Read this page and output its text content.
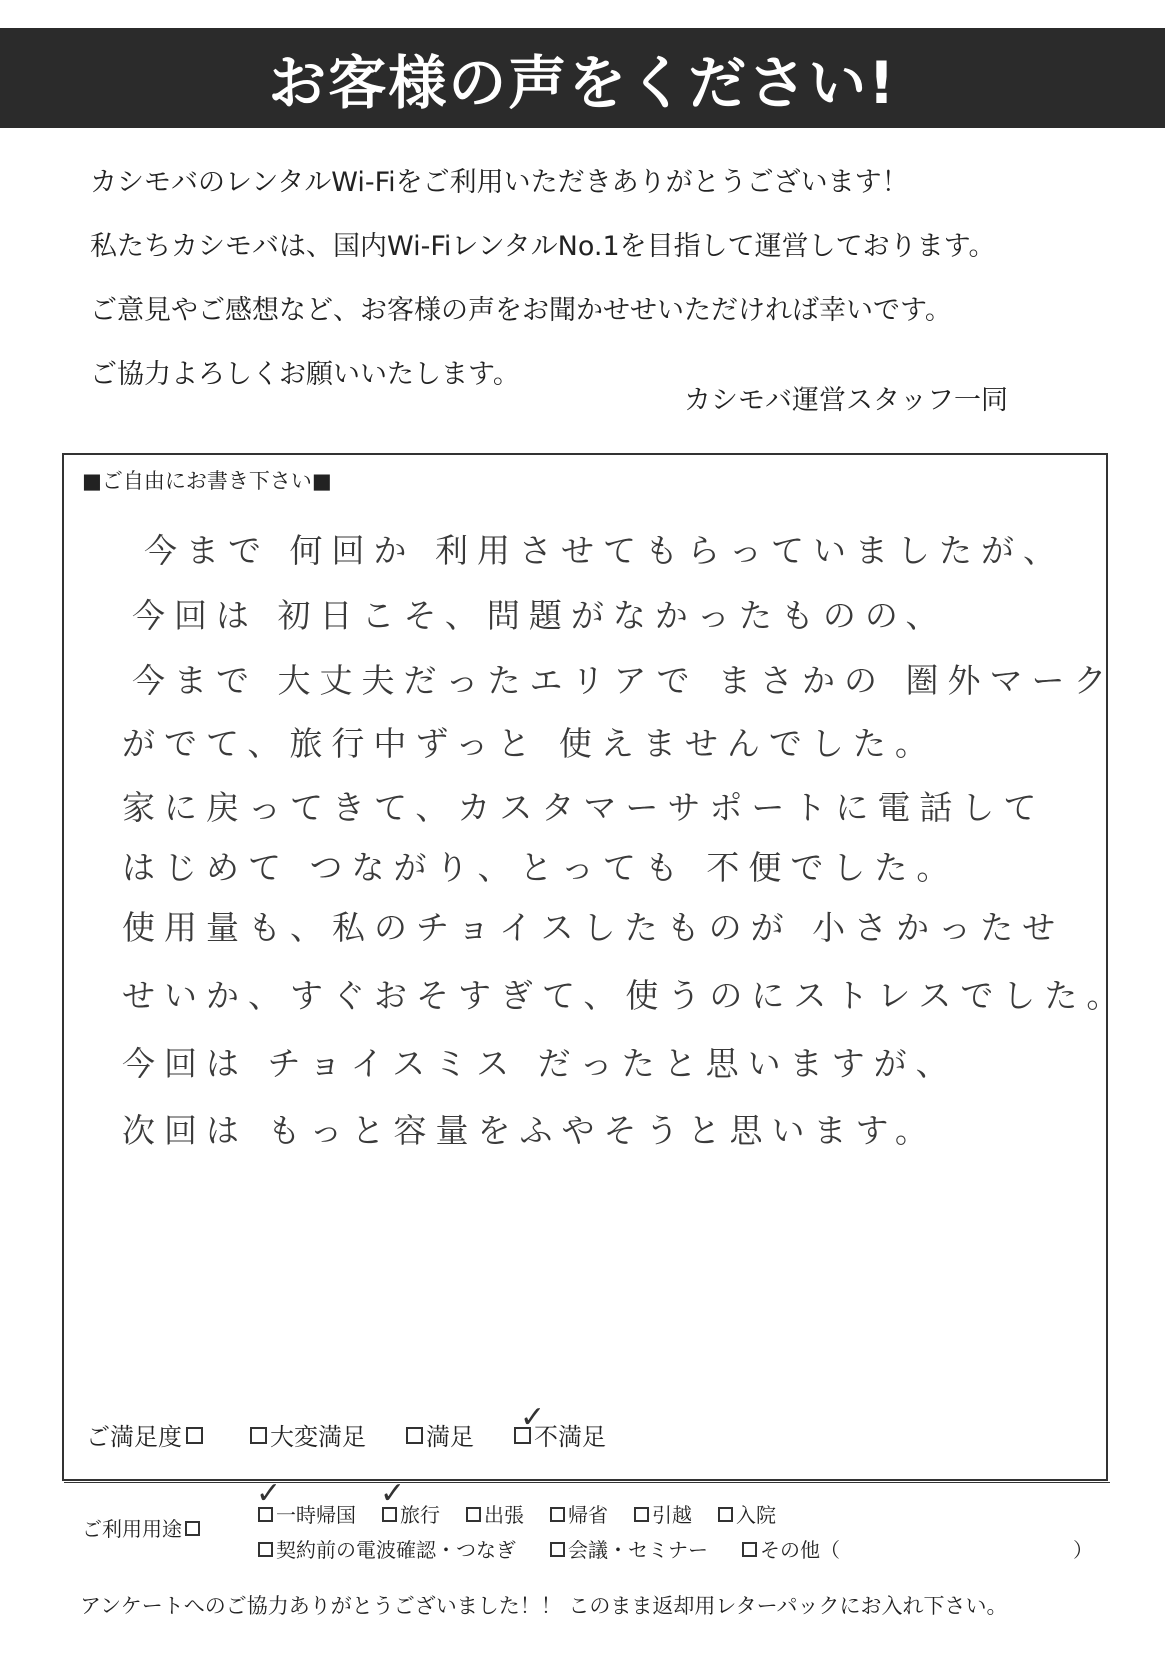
お客様の声をください!
カシモバのレンタルWi-Fiをご利用いただきありがとうございます！
私たちカシモバは、国内Wi-FiレンタルNo.1を目指して運営しております。
ご意見やご感想など、お客様の声をお聞かせせいただければ幸いです。
ご協力よろしくお願いいたします。
カシモバ運営スタッフ一同
■ご自由にお書き下さい■
今まで 何回か 利用させてもらっていましたが、
今回は 初日こそ、問題がなかったものの、
今まで 大丈夫だったエリアで まさかの 圏外マーク
がでて、旅行中ずっと 使えませんでした。
家に戻ってきて、カスタマーサポートに電話して
はじめて つながり、とっても 不便でした。
使用量も、私のチョイスしたものが 小さかったせ
せいか、すぐおそすぎて、使うのにストレスでした。
今回は チョイスミス だったと思いますが、
次回は もっと容量をふやそうと思います。
ご満足度	大変満足	満足
✓
不満足
ご利用用途
✓
一時帰国
✓
旅行 出張 帰省 引越 入院
契約前の電波確認・つなぎ	会議・セミナー	その他（	）
アンケートへのご協力ありがとうございました！！ このまま返却用レターパックにお入れ下さい。
